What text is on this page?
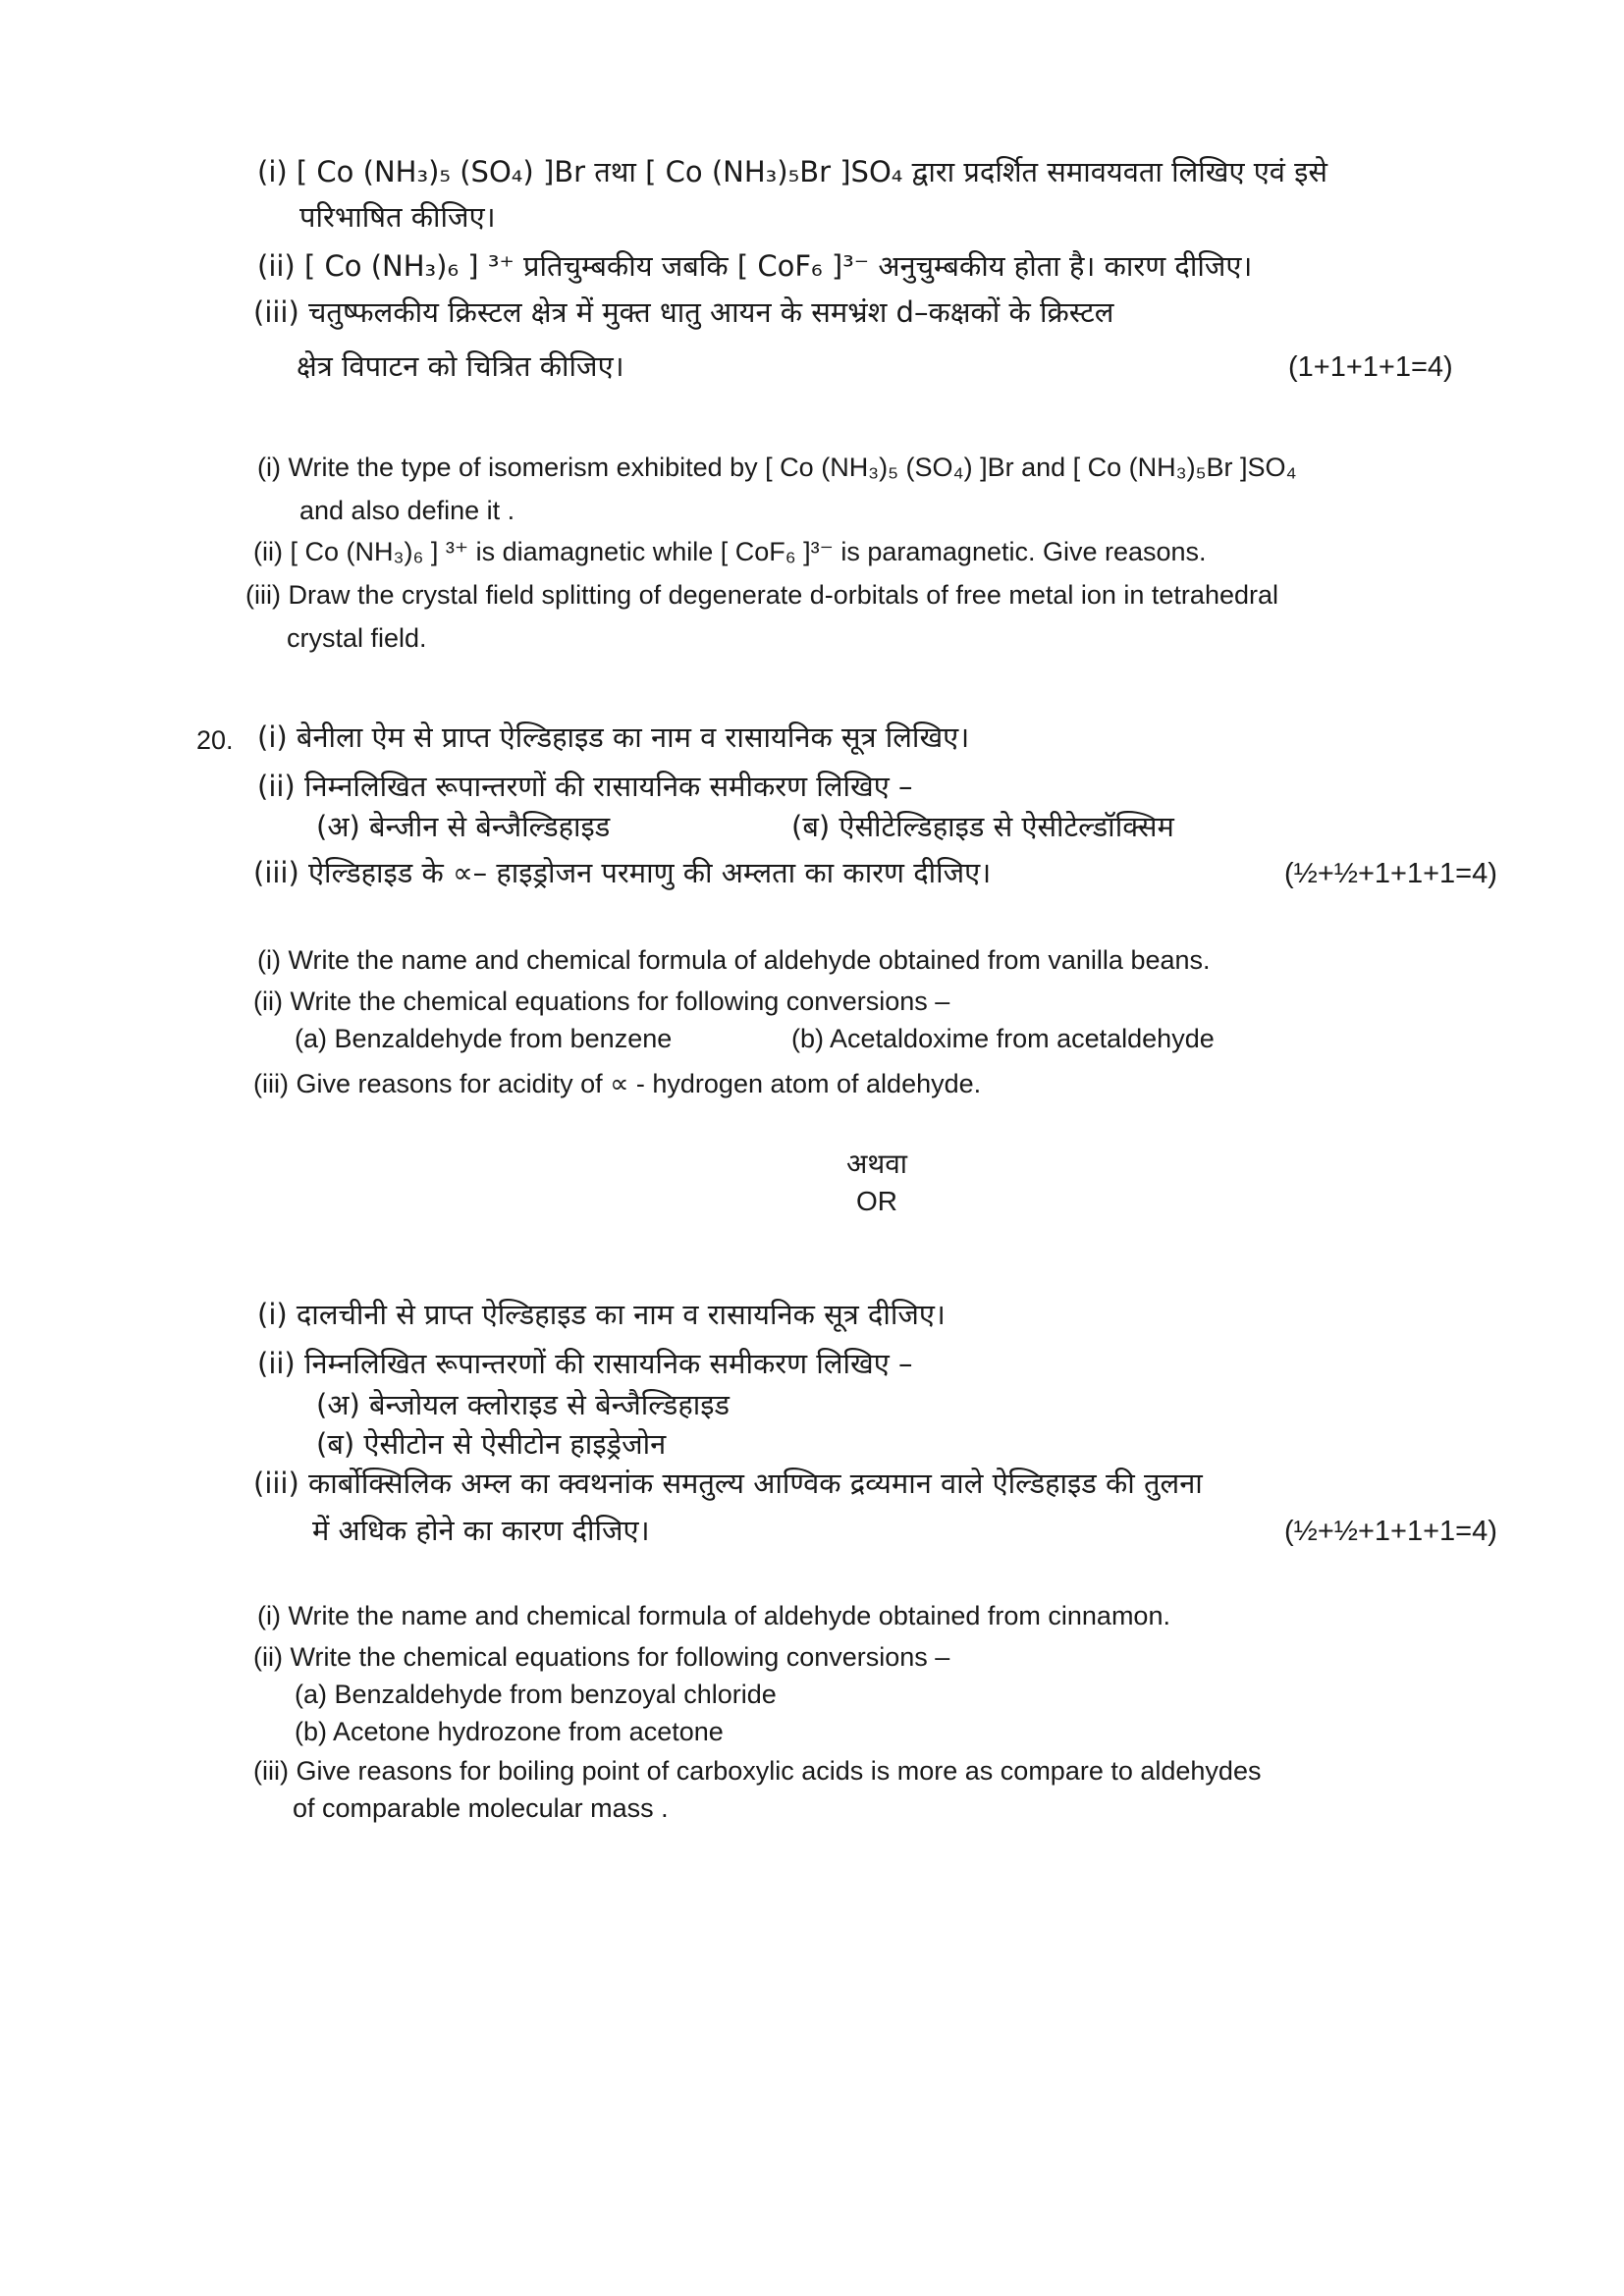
(i) [ Co (NH₃)₅ (SO₄) ]Br तथा [ Co (NH₃)₅Br ]SO₄ द्वारा प्रदर्शित समावयवता लिखिए एवं इसे
परिभाषित कीजिए।
(ii) [ Co (NH₃)₆ ] ³⁺ प्रतिचुम्बकीय जबकि [ CoF₆ ]³⁻ अनुचुम्बकीय होता है। कारण दीजिए।
(iii) चतुष्फलकीय क्रिस्टल क्षेत्र में मुक्त धातु आयन के समभ्रंश d–कक्षकों के क्रिस्टल
क्षेत्र विपाटन को चित्रित कीजिए।	(1+1+1+1=4)
(i) Write the type of isomerism exhibited by [ Co (NH₃)₅ (SO₄) ]Br and [ Co (NH₃)₅Br ]SO₄
and also define it .
(ii) [ Co (NH₃)₆ ] ³⁺ is diamagnetic while [ CoF₆ ]³⁻ is paramagnetic. Give reasons.
(iii) Draw the crystal field splitting of degenerate d-orbitals of free metal ion in tetrahedral
crystal field.
20. (i) बेनीला ऐम से प्राप्त ऐल्डिहाइड का नाम व रासायनिक सूत्र लिखिए।
(ii) निम्नलिखित रूपान्तरणों की रासायनिक समीकरण लिखिए –
(अ) बेन्जीन से बेन्जैल्डिहाइड	(ब) ऐसीटेल्डिहाइड से ऐसीटेल्डॉक्सिम
(iii) ऐल्डिहाइड के ∝– हाइड्रोजन परमाणु की अम्लता का कारण दीजिए।	(½+½+1+1+1=4)
(i) Write the name and chemical formula of aldehyde obtained from vanilla beans.
(ii) Write the chemical equations for following conversions –
(a) Benzaldehyde from benzene	(b) Acetaldoxime from acetaldehyde
(iii) Give reasons for acidity of ∝ - hydrogen atom of aldehyde.
अथवा
OR
(i) दालचीनी से प्राप्त ऐल्डिहाइड का नाम व रासायनिक सूत्र दीजिए।
(ii) निम्नलिखित रूपान्तरणों की रासायनिक समीकरण लिखिए –
(अ) बेन्जोयल क्लोराइड से बेन्जैल्डिहाइड
(ब) ऐसीटोन से ऐसीटोन हाइड्रेजोन
(iii) कार्बोक्सिलिक अम्ल का क्वथनांक समतुल्य आण्विक द्रव्यमान वाले ऐल्डिहाइड की तुलना
में अधिक होने का कारण दीजिए।	(½+½+1+1+1=4)
(i) Write the name and chemical formula of aldehyde obtained from cinnamon.
(ii) Write the chemical equations for following conversions –
(a) Benzaldehyde from benzoyal chloride
(b) Acetone hydrozone from acetone
(iii) Give reasons for boiling point of carboxylic acids is more as compare to aldehydes
of comparable molecular mass .
